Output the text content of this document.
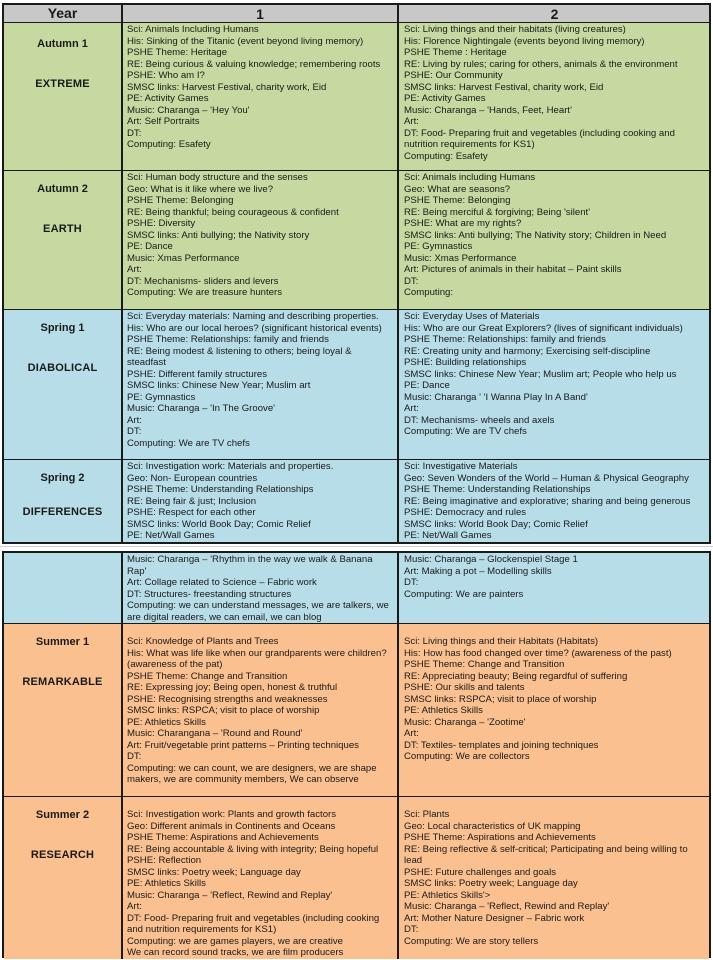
Year	1	2
Autumn 1
EXTREME
Sci: Animals Including Humans
His: Sinking of the Titanic (event beyond living memory)
PSHE Theme: Heritage
RE: Being curious & valuing knowledge; remembering roots
PSHE: Who am I?
SMSC links: Harvest Festival, charity work, Eid
PE: Activity Games
Music: Charanga – 'Hey You'
Art: Self Portraits
DT:
Computing: Esafety
Sci: Living things and their habitats (living creatures)
His: Florence Nightingale (events beyond living memory)
PSHE Theme : Heritage
RE: Living by rules; caring for others, animals & the environment
PSHE: Our Community
SMSC links: Harvest Festival, charity work, Eid
PE: Activity Games
Music: Charanga – 'Hands, Feet, Heart'
Art:
DT: Food- Preparing fruit and vegetables (including cooking and nutrition requirements for KS1)
Computing: Esafety
Autumn 2
EARTH
Sci: Human body structure and the senses
Geo: What is it like where we live?
PSHE Theme: Belonging
RE: Being thankful; being courageous & confident
PSHE: Diversity
SMSC links: Anti bullying; the Nativity story
PE: Dance
Music: Xmas Performance
Art:
DT: Mechanisms- sliders and levers
Computing: We are treasure hunters
Sci: Animals including Humans
Geo: What are seasons?
PSHE Theme: Belonging
RE: Being merciful & forgiving; Being 'silent'
PSHE: What are my rights?
SMSC links: Anti bullying; The Nativity story; Children in Need
PE: Gymnastics
Music: Xmas Performance
Art: Pictures of animals in their habitat – Paint skills
DT:
Computing:
Spring 1
DIABOLICAL
Sci: Everyday materials: Naming and describing properties.
His: Who are our local heroes? (significant historical events)
PSHE Theme: Relationships: family and friends
RE: Being modest & listening to others; being loyal & steadfast
PSHE: Different family structures
SMSC links: Chinese New Year; Muslim art
PE: Gymnastics
Music: Charanga – 'In The Groove'
Art:
DT:
Computing: We are TV chefs
Sci: Everyday Uses of Materials
His: Who are our Great Explorers? (lives of significant individuals)
PSHE Theme: Relationships: family and friends
RE: Creating unity and harmony; Exercising self-discipline
PSHE: Building relationships
SMSC links: Chinese New Year; Muslim art; People who help us
PE: Dance
Music: Charanga ' 'I Wanna Play In A Band'
Art:
DT: Mechanisms- wheels and axels
Computing: We are TV chefs
Spring 2
DIFFERENCES
Sci: Investigation work: Materials and properties.
Geo: Non- European countries
PSHE Theme: Understanding Relationships
RE: Being fair & just; Inclusion
PSHE: Respect for each other
SMSC links: World Book Day; Comic Relief
PE: Net/Wall Games
Sci: Investigative Materials
Geo: Seven Wonders of the World – Human & Physical Geography
PSHE Theme: Understanding Relationships
RE: Being imaginative and explorative; sharing and being generous
PSHE: Democracy and rules
SMSC links: World Book Day; Comic Relief
PE: Net/Wall Games
Music: Charanga – 'Rhythm in the way we walk & Banana Rap'
Art: Collage related to Science – Fabric work
DT: Structures- freestanding structures
Computing: we can understand messages, we are talkers, we are digital readers, we can email, we can blog
Music: Charanga – Glockenspiel Stage 1
Art: Making a pot – Modelling skills
DT:
Computing: We are painters
Summer 1
REMARKABLE
Sci: Knowledge of Plants and Trees
His: What was life like when our grandparents were children? (awareness of the pat)
PSHE Theme: Change and Transition
RE: Expressing joy; Being open, honest & truthful
PSHE: Recognising strengths and weaknesses
SMSC links: RSPCA; visit to place of worship
PE: Athletics Skills
Music: Charangana – 'Round and Round'
Art: Fruit/vegetable print patterns – Printing techniques
DT:
Computing: we can count, we are designers, we are shape makers, we are community members, We can observe
Sci: Living things and their Habitats (Habitats)
His: How has food changed over time? (awareness of the past)
PSHE Theme: Change and Transition
RE: Appreciating beauty; Being regardful of suffering
PSHE: Our skills and talents
SMSC links: RSPCA; visit to place of worship
PE: Athletics Skills
Music: Charanga – 'Zootime'
Art:
DT: Textiles- templates and joining techniques
Computing: We are collectors
Summer 2
RESEARCH
Sci: Investigation work: Plants and growth factors
Geo: Different animals in Continents and Oceans
PSHE Theme: Aspirations and Achievements
RE: Being accountable & living with integrity; Being hopeful
PSHE: Reflection
SMSC links: Poetry week; Language day
PE: Athletics Skills
Music: Charanga – 'Reflect, Rewind and Replay'
Art:
DT: Food- Preparing fruit and vegetables (including cooking and nutrition requirements for KS1)
Computing: we are games players, we are creative
We can record sound tracks, we are film producers
Sci: Plants
Geo: Local characteristics of UK mapping
PSHE Theme: Aspirations and Achievements
RE: Being reflective & self-critical; Participating and being willing to lead
PSHE: Future challenges and goals
SMSC links: Poetry week; Language day
PE: Athletics Skills'>
Music: Charanga – 'Reflect, Rewind and Replay'
Art: Mother Nature Designer – Fabric work
DT:
Computing: We are story tellers
